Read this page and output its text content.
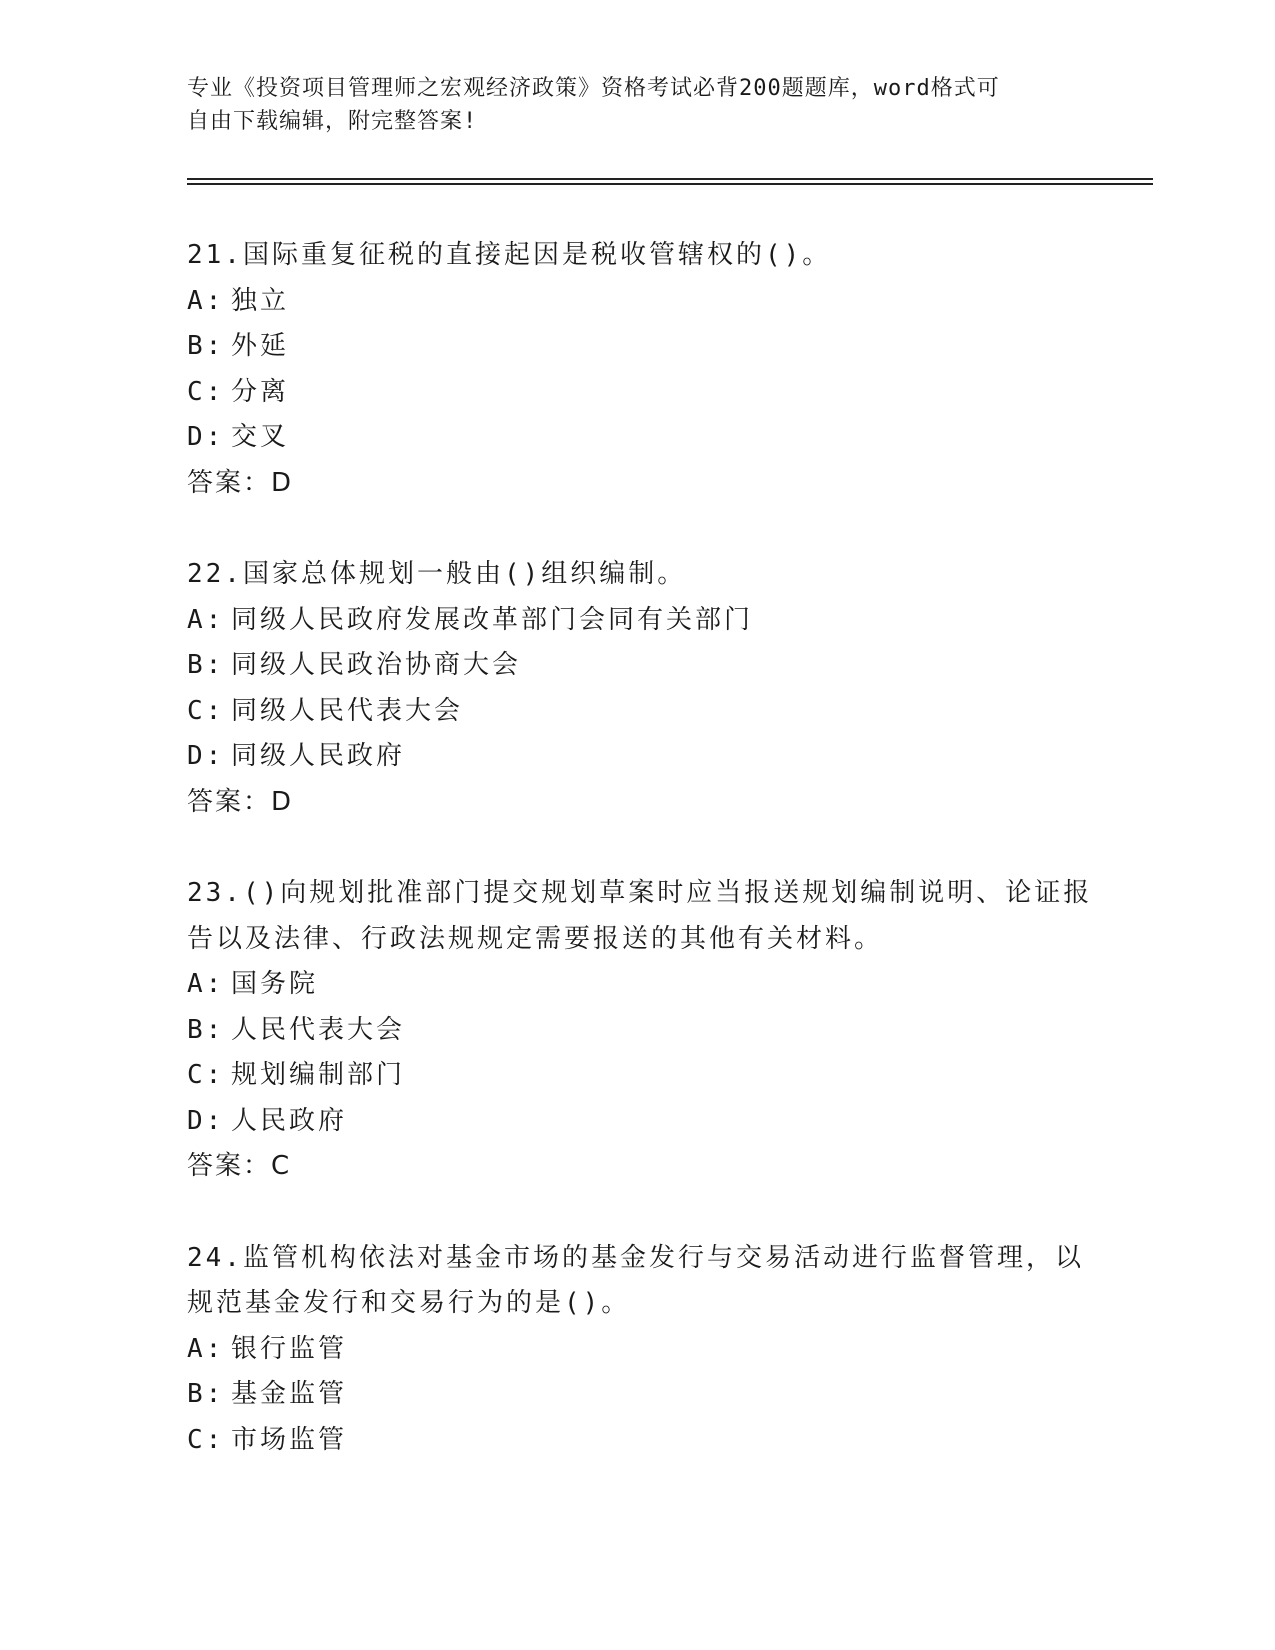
专业《投资项目管理师之宏观经济政策》资格考试必背200题题库，word格式可
自由下载编辑，附完整答案!
21.国际重复征税的直接起因是税收管辖权的()。
A: 独立
B: 外延
C: 分离
D: 交叉
答案：D
22.国家总体规划一般由()组织编制。
A: 同级人民政府发展改革部门会同有关部门
B: 同级人民政治协商大会
C: 同级人民代表大会
D: 同级人民政府
答案：D
23.()向规划批准部门提交规划草案时应当报送规划编制说明、论证报
告以及法律、行政法规规定需要报送的其他有关材料。
A: 国务院
B: 人民代表大会
C: 规划编制部门
D: 人民政府
答案：C
24.监管机构依法对基金市场的基金发行与交易活动进行监督管理，以
规范基金发行和交易行为的是()。
A: 银行监管
B: 基金监管
C: 市场监管
